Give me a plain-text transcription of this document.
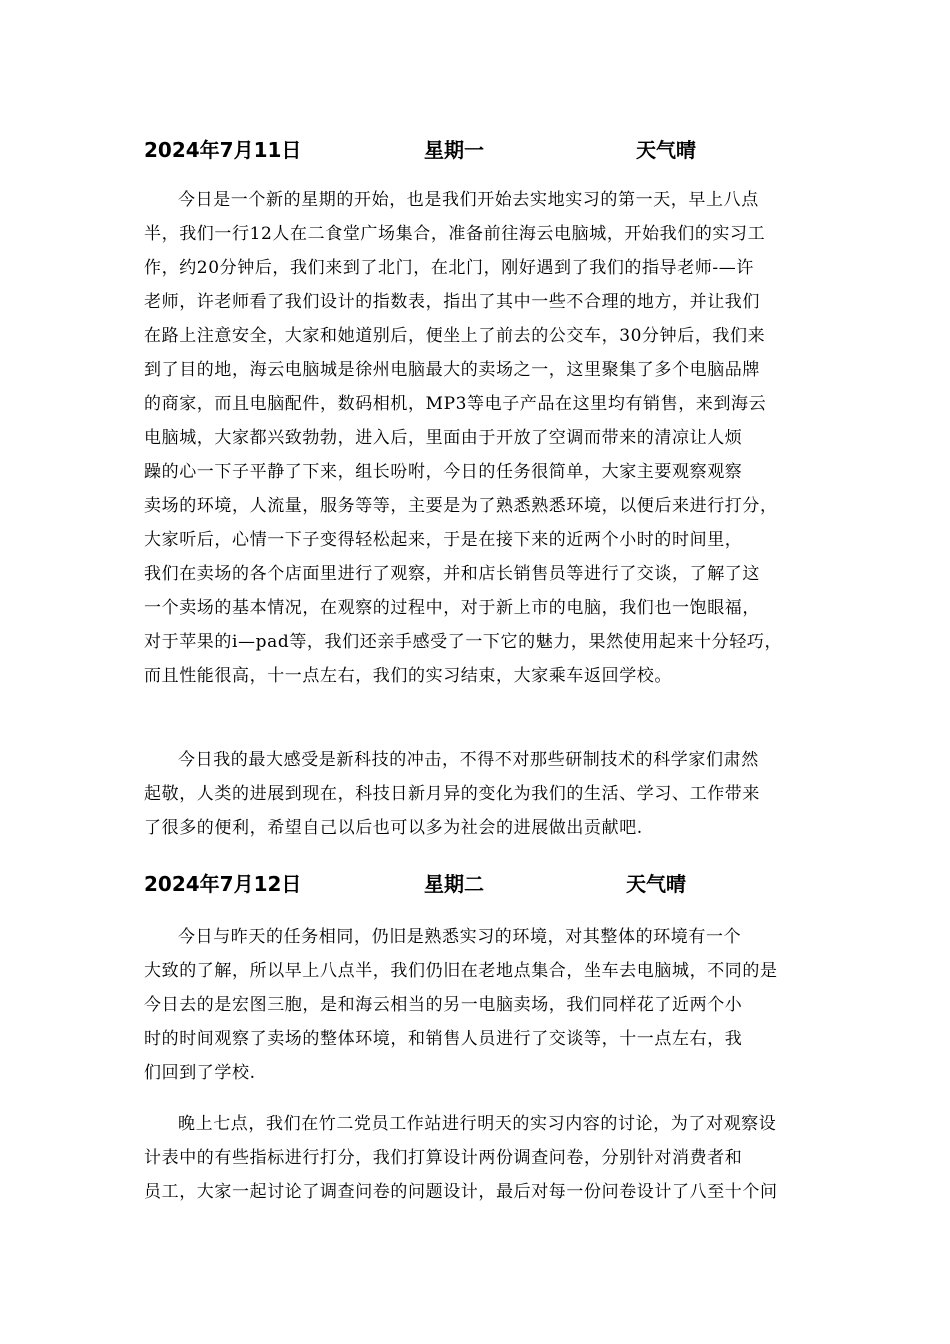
2024年7月11日	星期一	天气晴
今日是一个新的星期的开始，也是我们开始去实地实习的第一天，早上八点
半，我们一行12人在二食堂广场集合，准备前往海云电脑城，开始我们的实习工
作，约20分钟后，我们来到了北门，在北门，刚好遇到了我们的指导老师-—许
老师，许老师看了我们设计的指数表，指出了其中一些不合理的地方，并让我们
在路上注意安全，大家和她道别后，便坐上了前去的公交车，30分钟后，我们来
到了目的地，海云电脑城是徐州电脑最大的卖场之一，这里聚集了多个电脑品牌
的商家，而且电脑配件，数码相机，MP3等电子产品在这里均有销售，来到海云
电脑城，大家都兴致勃勃，进入后，里面由于开放了空调而带来的清凉让人烦
躁的心一下子平静了下来，组长吩咐，今日的任务很简单，大家主要观察观察
卖场的环境，人流量，服务等等，主要是为了熟悉熟悉环境，以便后来进行打分，
大家听后，心情一下子变得轻松起来，于是在接下来的近两个小时的时间里，
我们在卖场的各个店面里进行了观察，并和店长销售员等进行了交谈，了解了这
一个卖场的基本情况，在观察的过程中，对于新上市的电脑，我们也一饱眼福，
对于苹果的i—pad等，我们还亲手感受了一下它的魅力，果然使用起来十分轻巧，
而且性能很高，十一点左右，我们的实习结束，大家乘车返回学校。
今日我的最大感受是新科技的冲击，不得不对那些研制技术的科学家们肃然
起敬，人类的进展到现在，科技日新月异的变化为我们的生活、学习、工作带来
了很多的便利，希望自己以后也可以多为社会的进展做出贡献吧.
2024年7月12日	星期二	天气晴
今日与昨天的任务相同，仍旧是熟悉实习的环境，对其整体的环境有一个
大致的了解，所以早上八点半，我们仍旧在老地点集合，坐车去电脑城，不同的是
今日去的是宏图三胞，是和海云相当的另一电脑卖场，我们同样花了近两个小
时的时间观察了卖场的整体环境，和销售人员进行了交谈等，十一点左右，我
们回到了学校.
晚上七点，我们在竹二党员工作站进行明天的实习内容的讨论，为了对观察设
计表中的有些指标进行打分，我们打算设计两份调查问卷，分别针对消费者和
员工，大家一起讨论了调查问卷的问题设计，最后对每一份问卷设计了八至十个问
